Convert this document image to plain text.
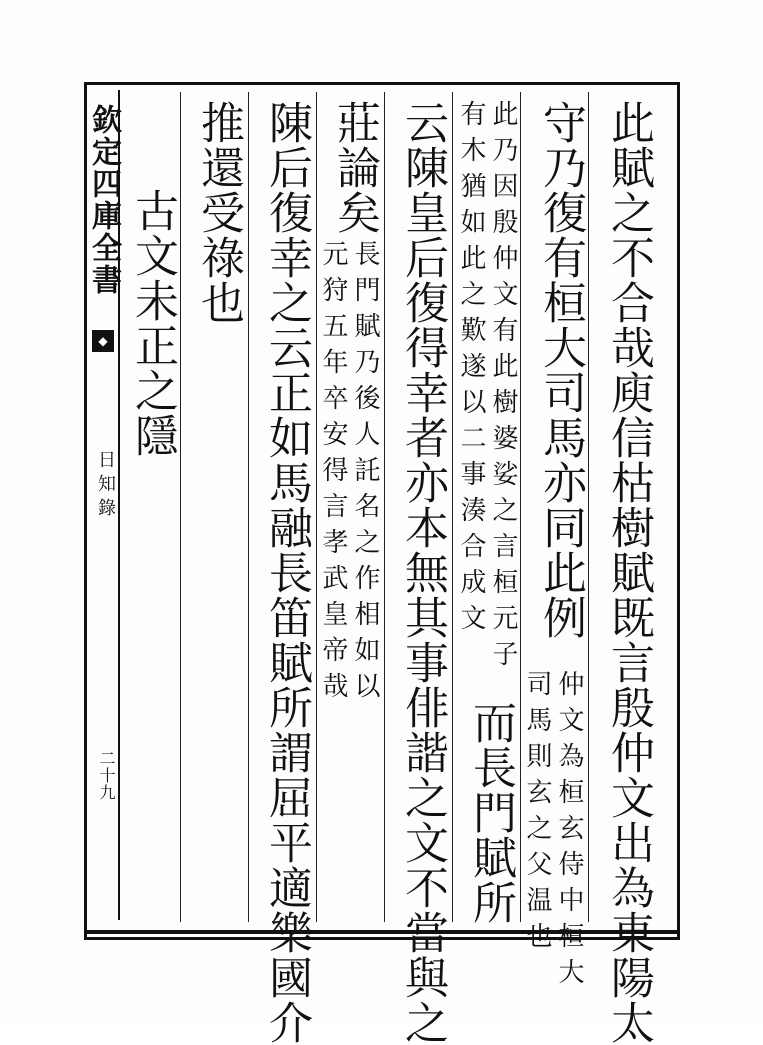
欽定四庫全書
◆
日知錄
二十九	此賦之不合哉庾信枯樹賦既言殷仲文出為東陽太
守乃復有桓大司馬亦同此例
仲文為桓玄侍中桓大
司馬則玄之父温也
此乃因殷仲文有此樹婆娑之言桓元子
有木猶如此之歎遂以二事湊合成文
而長門賦所
云陳皇后復得幸者亦本無其事俳諧之文不當與之
莊論矣
長門賦乃後人託名之作相如以
元狩五年卒安得言孝武皇帝哉
陳后復幸之云正如馬融長笛賦所謂屈平適樂國介
推還受祿也
古文未正之隱
